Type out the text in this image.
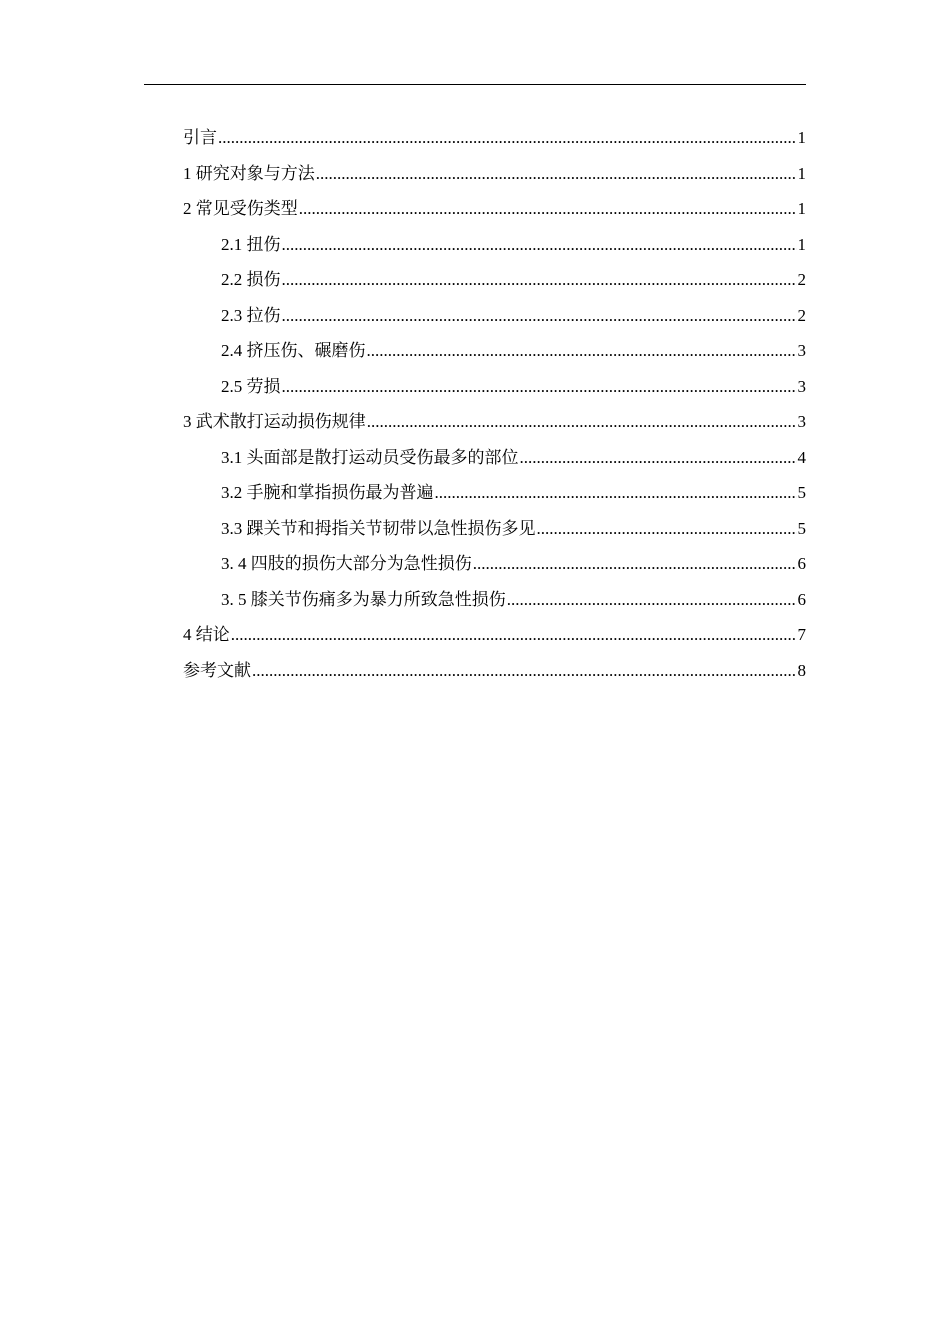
引言 .....	1
1 研究对象与方法 .....	1
2 常见受伤类型 .....	1
2.1 扭伤 .....	1
2.2 损伤 .....	2
2.3 拉伤 .....	2
2.4 挤压伤、碾磨伤 .....	3
2.5 劳损 .....	3
3 武术散打运动损伤规律 .....	3
3.1 头面部是散打运动员受伤最多的部位 .....	4
3.2 手腕和掌指损伤最为普遍 .....	5
3.3 踝关节和拇指关节韧带以急性损伤多见 .....	5
3. 4 四肢的损伤大部分为急性损伤 .....	6
3. 5 膝关节伤痛多为暴力所致急性损伤 .....	6
4 结论 .....	7
参考文献 .....	8
